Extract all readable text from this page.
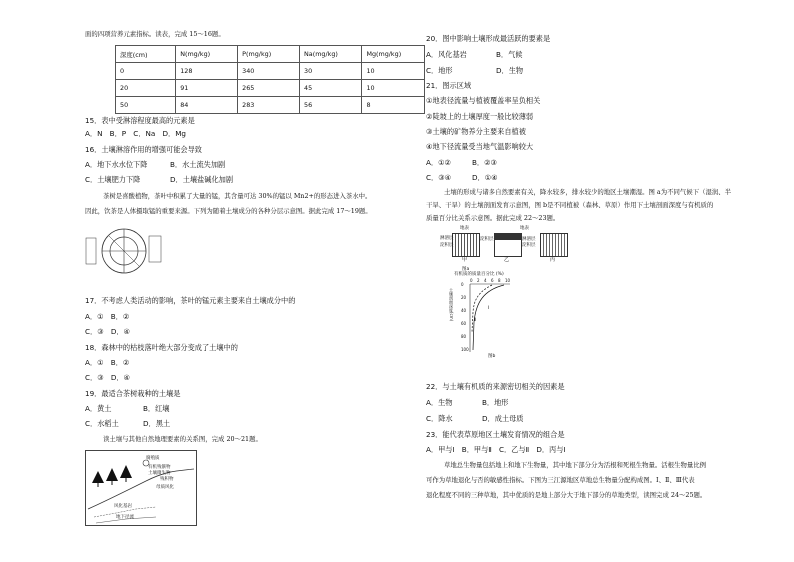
面的四项营养元素指标。读表，完成 15～16题。
深度(cm)	N(mg/kg)	P(mg/kg)	Na(mg/kg)	Mg(mg/kg)
0	128	340	30	10
20	91	265	45	10
50	84	283	56	8
15．表中受淋溶程度最高的元素是
A．N　B．P　C．Na　D．Mg
16．土壤淋溶作用的增强可能会导致
A．地下水水位下降	B．水土流失加剧
C．土壤肥力下降	D．土壤盐碱化加剧
茶树是喜酸植物，茶叶中积累了大量的锰，其含量可达 30%的锰以 Mn2+的形态进入茶水中。
因此，饮茶是人体摄取锰的重要来源。下列为随着土壤成分的各种分层示意图。据此完成 17～19题。
17．不考虑人类活动的影响，茶叶的锰元素主要来自土壤成分中的
A．①　B．②
C．③　D．④
18．森林中的枯枝落叶绝大部分变成了土壤中的
A．①　B．②
C．③　D．④
19．最适合茶树栽种的土壤是
A．黄土	B．红壤
C．水稻土	D．黑土
读土壤与其他自然地理要素的关系图，完成 20～21题。
腐殖质
有机残骸物
土壤微生物
残积物
母质风化
风化基岩
地下径流
20．图中影响土壤形成最活跃的要素是
A．风化基岩	B．气候
C．地形	D．生物
21．图示区域
①地表径流量与植被覆盖率呈负相关
②陡坡上的土壤厚度一般比较薄弱
③土壤的矿物养分主要来自植被
④地下径流量受当地气温影响较大
A．①②	B．②③
C．③④	D．①④
土壤的形成与诸多自然要素有关，降水较多，排水较少的地区土壤潮湿。图 a为不同气候下（湿润、半
干旱、干旱）的土壤剖面发育示意图，图 b是不同植被（森林、草原）作用下土壤剖面深度与有机质的
质量百分比关系示意图。据此完成 22～23题。
地表	地表
淋溶层
淀积层
淀积层	淋溶层
淀积层
甲	乙	丙
图a
有机质的质量百分比 (%)
0 2 4 6 8 10
0
20
40
60
80
100
土壤剖面深度(cm)	Ⅰ
Ⅱ
图b
22．与土壤有机质的来源密切相关的因素是
A．生物	B．地形
C．降水	D．成土母质
23．能代表草原地区土壤发育情况的组合是
A．甲与Ⅰ　B．甲与Ⅱ　C．乙与Ⅱ　D．丙与Ⅰ
草地总生物量包括地上和地下生物量，其中地下部分分为活根和死根生物量。活根生物量比例
可作为草地退化与否的敏感性指标。下图为三江源地区草地总生物量分配构成图。Ⅰ、Ⅱ、Ⅲ代表
退化程度不同的三种草地，其中优质的是地上部分大于地下部分的草地类型，读图完成 24～25题。
